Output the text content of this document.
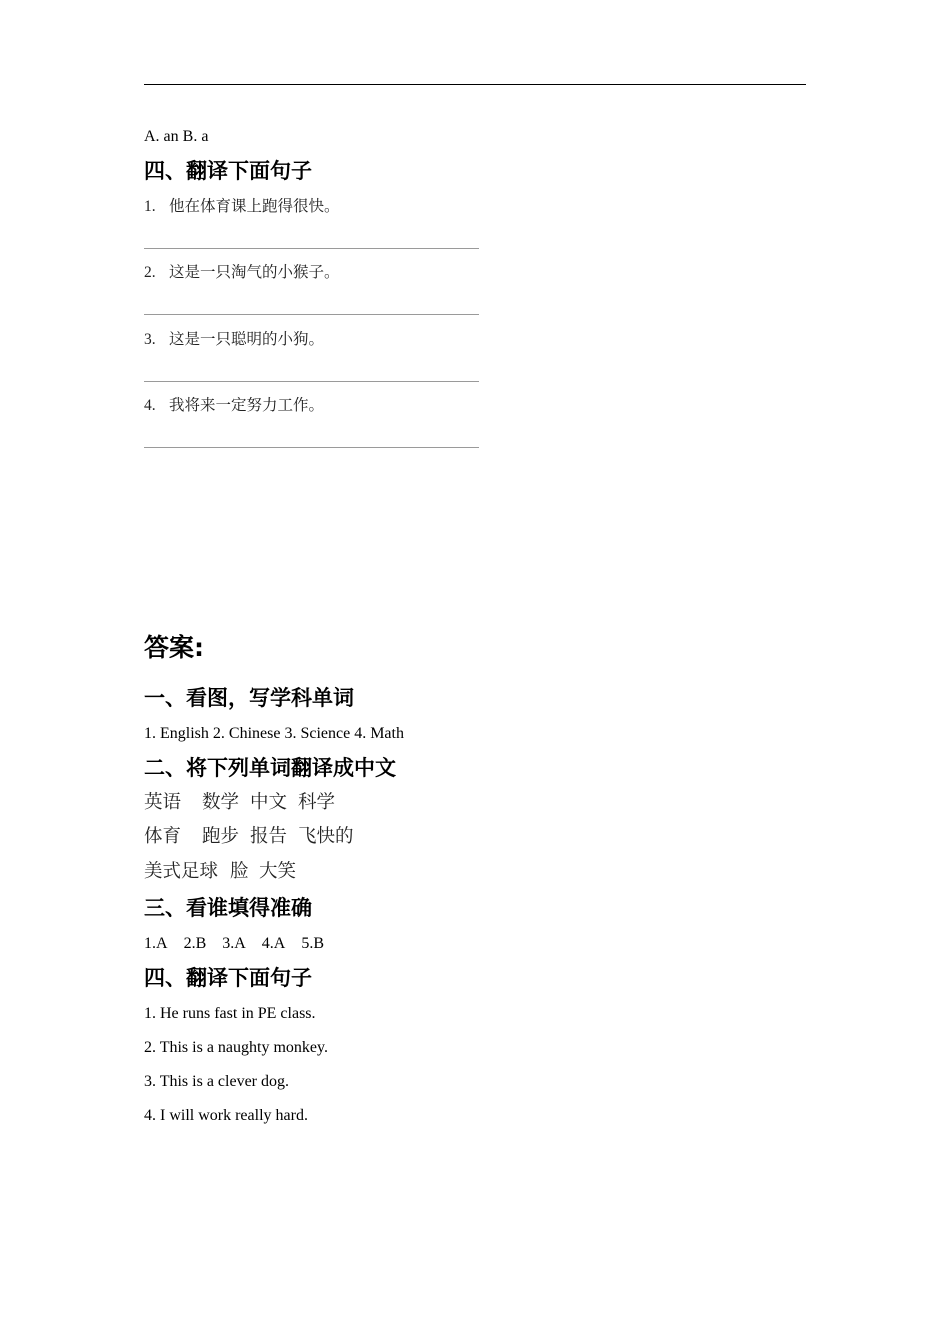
A. an B. a
四、翻译下面句子
1. 他在体育课上跑得很快。
2. 这是一只淘气的小猴子。
3. 这是一只聪明的小狗。
4. 我将来一定努力工作。
答案:
一、看图，写学科单词
1. English 2. Chinese 3. Science 4. Math
二、将下列单词翻译成中文
英语 数学 中文 科学
体育 跑步 报告 飞快的
美式足球 脸 大笑
三、看谁填得准确
1.A 2.B 3.A 4.A 5.B
四、翻译下面句子
1. He runs fast in PE class.
2. This is a naughty monkey.
3. This is a clever dog.
4. I will work really hard.
